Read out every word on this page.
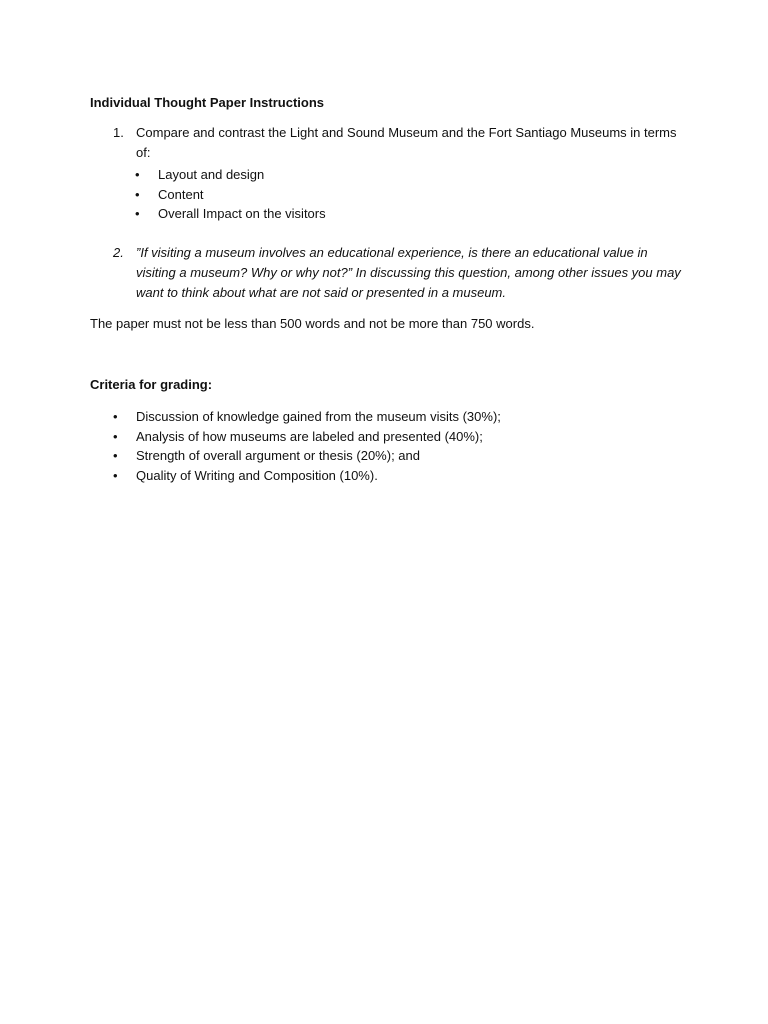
Individual Thought Paper Instructions
1. Compare and contrast the Light and Sound Museum and the Fort Santiago Museums in terms of:
• Layout and design
• Content
• Overall Impact on the visitors
2. ”If visiting a museum involves an educational experience, is there an educational value in visiting a museum? Why or why not?” In discussing this question, among other issues you may want to think about what are not said or presented in a museum.
The paper must not be less than 500 words and not be more than 750 words.
Criteria for grading:
• Discussion of knowledge gained from the museum visits (30%);
• Analysis of how museums are labeled and presented (40%);
• Strength of overall argument or thesis (20%); and
• Quality of Writing and Composition (10%).
